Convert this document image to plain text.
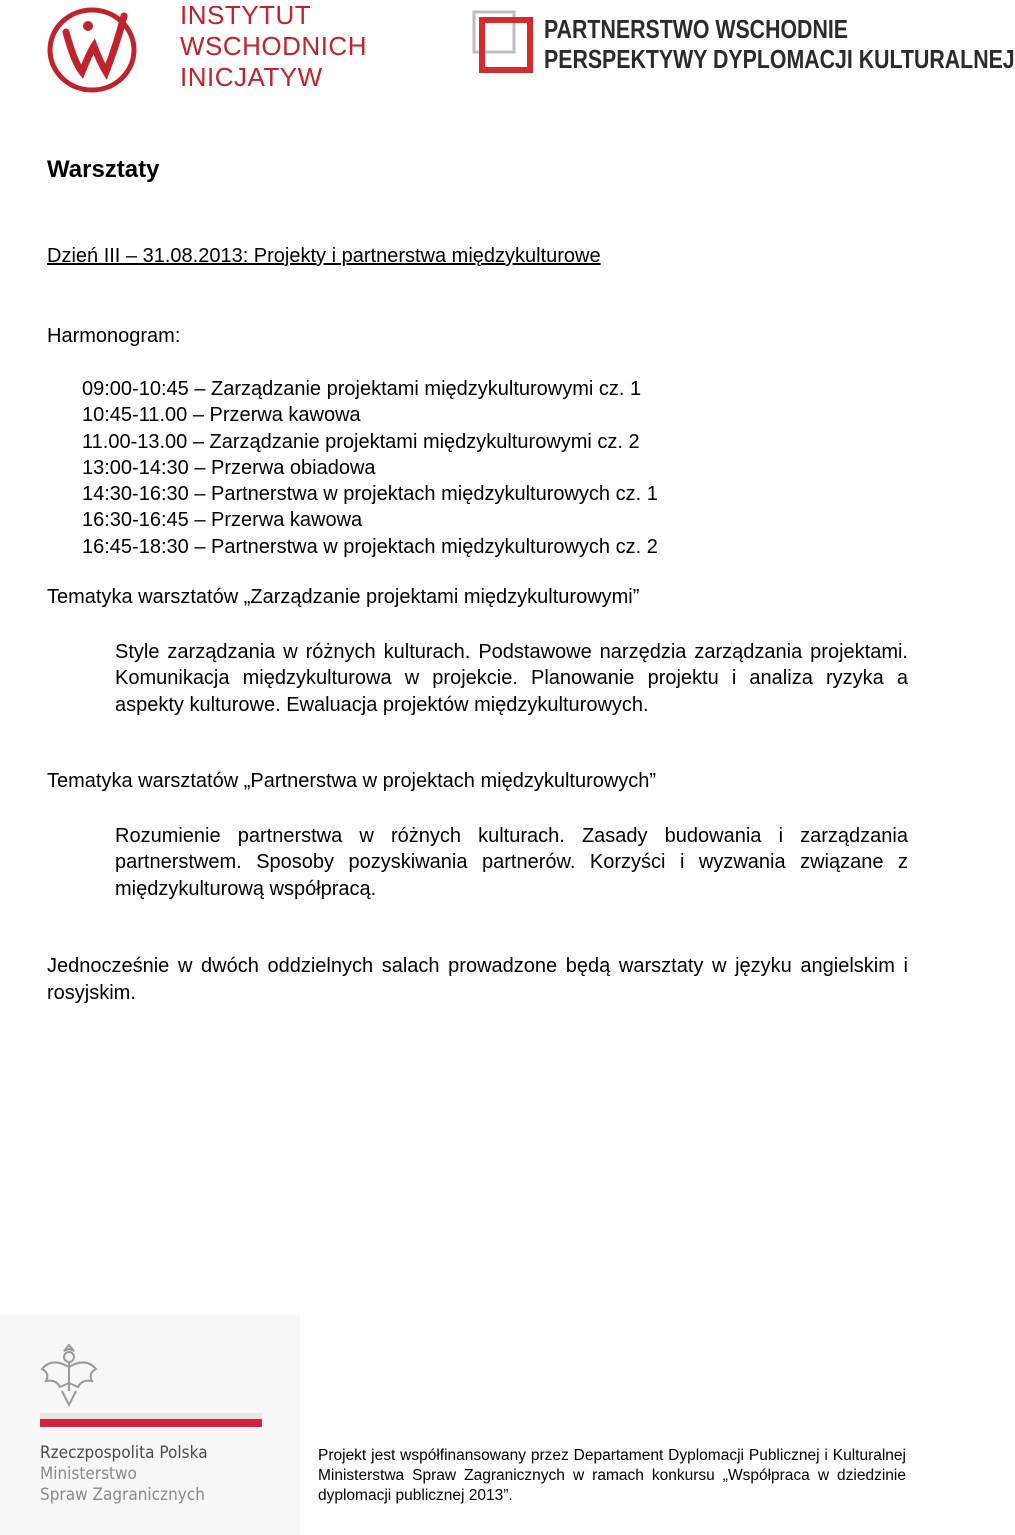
INSTYTUT
WSCHODNICH
INICJATYW
PARTNERSTWO WSCHODNIE
PERSPEKTYWY DYPLOMACJI KULTURALNEJ
Warsztaty
Dzień III – 31.08.2013: Projekty i partnerstwa międzykulturowe
Harmonogram:
09:00-10:45 – Zarządzanie projektami międzykulturowymi cz. 1
10:45-11.00 – Przerwa kawowa
11.00-13.00 – Zarządzanie projektami międzykulturowymi cz. 2
13:00-14:30 – Przerwa obiadowa
14:30-16:30 – Partnerstwa w projektach międzykulturowych cz. 1
16:30-16:45 – Przerwa kawowa
16:45-18:30 – Partnerstwa w projektach międzykulturowych cz. 2
Tematyka warsztatów „Zarządzanie projektami międzykulturowymi”
Style zarządzania w różnych kulturach. Podstawowe narzędzia zarządzania projektami. Komunikacja międzykulturowa w projekcie. Planowanie projektu i analiza ryzyka a aspekty kulturowe. Ewaluacja projektów międzykulturowych.
Tematyka warsztatów „Partnerstwa w projektach międzykulturowych”
Rozumienie partnerstwa w różnych kulturach. Zasady budowania i zarządzania partnerstwem. Sposoby pozyskiwania partnerów. Korzyści i wyzwania związane z międzykulturową współpracą.
Jednocześnie w dwóch oddzielnych salach prowadzone będą warsztaty w języku angielskim i rosyjskim.
Rzeczpospolita Polska
Ministerstwo
Spraw Zagranicznych
Projekt jest współfinansowany przez Departament Dyplomacji Publicznej i Kulturalnej Ministerstwa Spraw Zagranicznych w ramach konkursu „Współpraca w dziedzinie dyplomacji publicznej 2013”.
